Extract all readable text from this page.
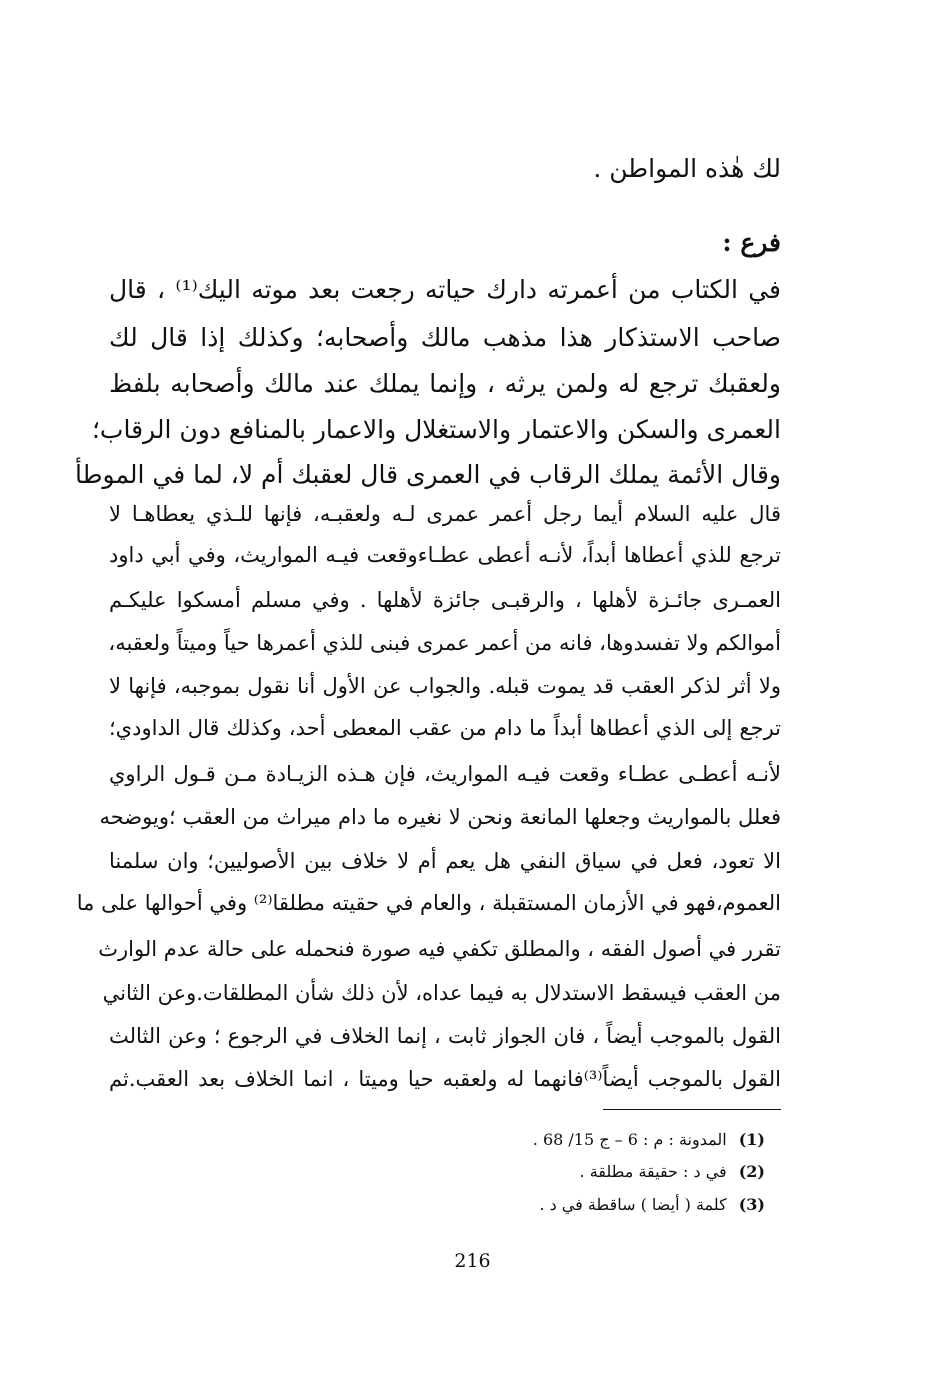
لك هٰذه المواطن .
فرع :
في الكتاب من أعمرته دارك حياته رجعت بعد موته اليك⁽¹⁾ ، قال
صاحب الاستذكار هذا مذهب مالك وأصحابه؛ وكذلك إذا قال لك
ولعقبك ترجع له ولمن يرثه ، وإنما يملك عند مالك وأصحابه بلفظ
العمرى والسكن والاعتمار والاستغلال والاعمار بالمنافع دون الرقاب؛
وقال الأئمة يملك الرقاب في العمرى قال لعقبك أم لا، لما في الموطأ
قال عليه السلام أيما رجل أعمر عمرى لـه ولعقبـه، فإنها للـذي يعطاهـا لا
ترجع للذي أعطاها أبداً، لأنـه أعطى عطـاءوقعت فيـه المواريث، وفي أبي داود
العمـرى جائـزة لأهلها ، والرقبـى جائزة لأهلها . وفي مسلم أمسكوا عليكـم
أموالكم ولا تفسدوها، فانه من أعمر عمرى فبنى للذي أعمرها حياً وميتاً ولعقبه،
ولا أثر لذكر العقب قد يموت قبله. والجواب عن الأول أنا نقول بموجبه، فإنها لا
ترجع إلى الذي أعطاها أبداً ما دام من عقب المعطى أحد، وكذلك قال الداودي؛
لأنـه أعطـى عطـاء وقعت فيـه المواريث، فإن هـذه الزيـادة مـن قـول الراوي
فعلل بالمواريث وجعلها المانعة ونحن لا نغيره ما دام ميراث من العقب ؛ويوضحه
الا تعود، فعل في سياق النفي هل يعم أم لا خلاف بين الأصوليين؛ وان سلمنا
العموم،فهو في الأزمان المستقبلة ، والعام في حقيته مطلقا⁽²⁾ وفي أحوالها على ما
تقرر في أصول الفقه ، والمطلق تكفي فيه صورة فنحمله على حالة عدم الوارث
من العقب فيسقط الاستدلال به فيما عداه، لأن ذلك شأن المطلقات.وعن الثاني
القول بالموجب أيضاً ، فان الجواز ثابت ، إنما الخلاف في الرجوع ؛ وعن الثالث
القول بالموجب أيضاً⁽³⁾فانهما له ولعقبه حيا وميتا ، انما الخلاف بعد العقب.ثم
(1)المدونة : م : 6 – ج 15/ 68 .
(2)في د : حقيقة مطلقة .
(3)كلمة ( أيضا ) ساقطة في د .
216
